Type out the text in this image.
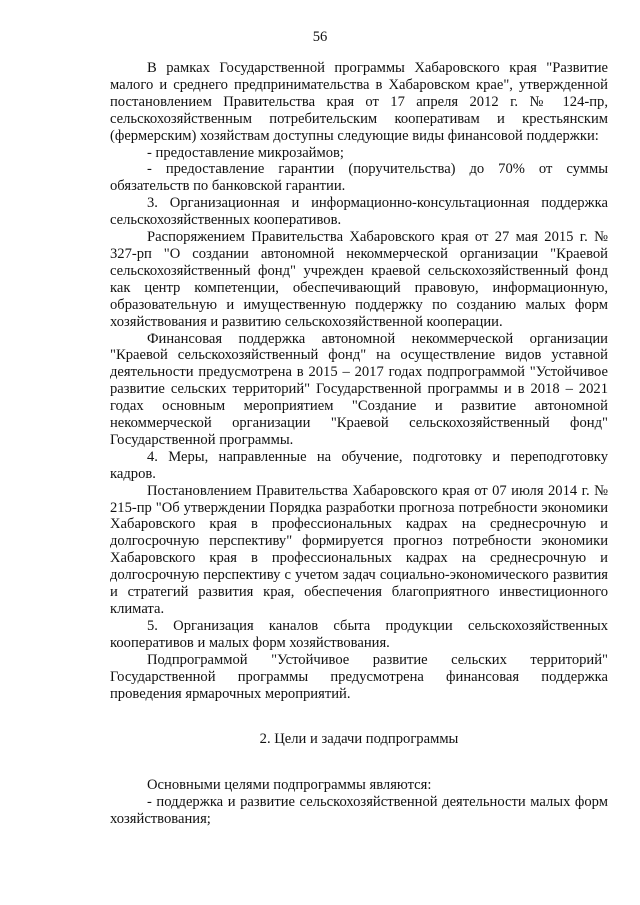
56

В рамках Государственной программы Хабаровского края "Развитие малого и среднего предпринимательства в Хабаровском крае", утвержденной постановлением Правительства края от 17 апреля 2012 г. № 124-пр, сельскохозяйственным потребительским кооперативам и крестьянским (фермерским) хозяйствам доступны следующие виды финансовой поддержки:

- предоставление микрозаймов;

- предоставление гарантии (поручительства) до 70% от суммы обязательств по банковской гарантии.

3. Организационная и информационно-консультационная поддержка сельскохозяйственных кооперативов.

Распоряжением Правительства Хабаровского края от 27 мая 2015 г. № 327-рп "О создании автономной некоммерческой организации "Краевой сельскохозяйственный фонд" учрежден краевой сельскохозяйственный фонд как центр компетенции, обеспечивающий правовую, информационную, образовательную и имущественную поддержку по созданию малых форм хозяйствования и развитию сельскохозяйственной кооперации.

Финансовая поддержка автономной некоммерческой организации "Краевой сельскохозяйственный фонд" на осуществление видов уставной деятельности предусмотрена в 2015 – 2017 годах подпрограммой "Устойчивое развитие сельских территорий" Государственной программы и в 2018 – 2021 годах основным мероприятием "Создание и развитие автономной некоммерческой организации "Краевой сельскохозяйственный фонд" Государственной программы.

4. Меры, направленные на обучение, подготовку и переподготовку кадров.

Постановлением Правительства Хабаровского края от 07 июля 2014 г. № 215-пр "Об утверждении Порядка разработки прогноза потребности экономики Хабаровского края в профессиональных кадрах на среднесрочную и долгосрочную перспективу" формируется прогноз потребности экономики Хабаровского края в профессиональных кадрах на среднесрочную и долгосрочную перспективу с учетом задач социально-экономического развития и стратегий развития края, обеспечения благоприятного инвестиционного климата.

5. Организация каналов сбыта продукции сельскохозяйственных кооперативов и малых форм хозяйствования.

Подпрограммой "Устойчивое развитие сельских территорий" Государственной программы предусмотрена финансовая поддержка проведения ярмарочных мероприятий.

2. Цели и задачи подпрограммы

Основными целями подпрограммы являются:

- поддержка и развитие сельскохозяйственной деятельности малых форм хозяйствования;
